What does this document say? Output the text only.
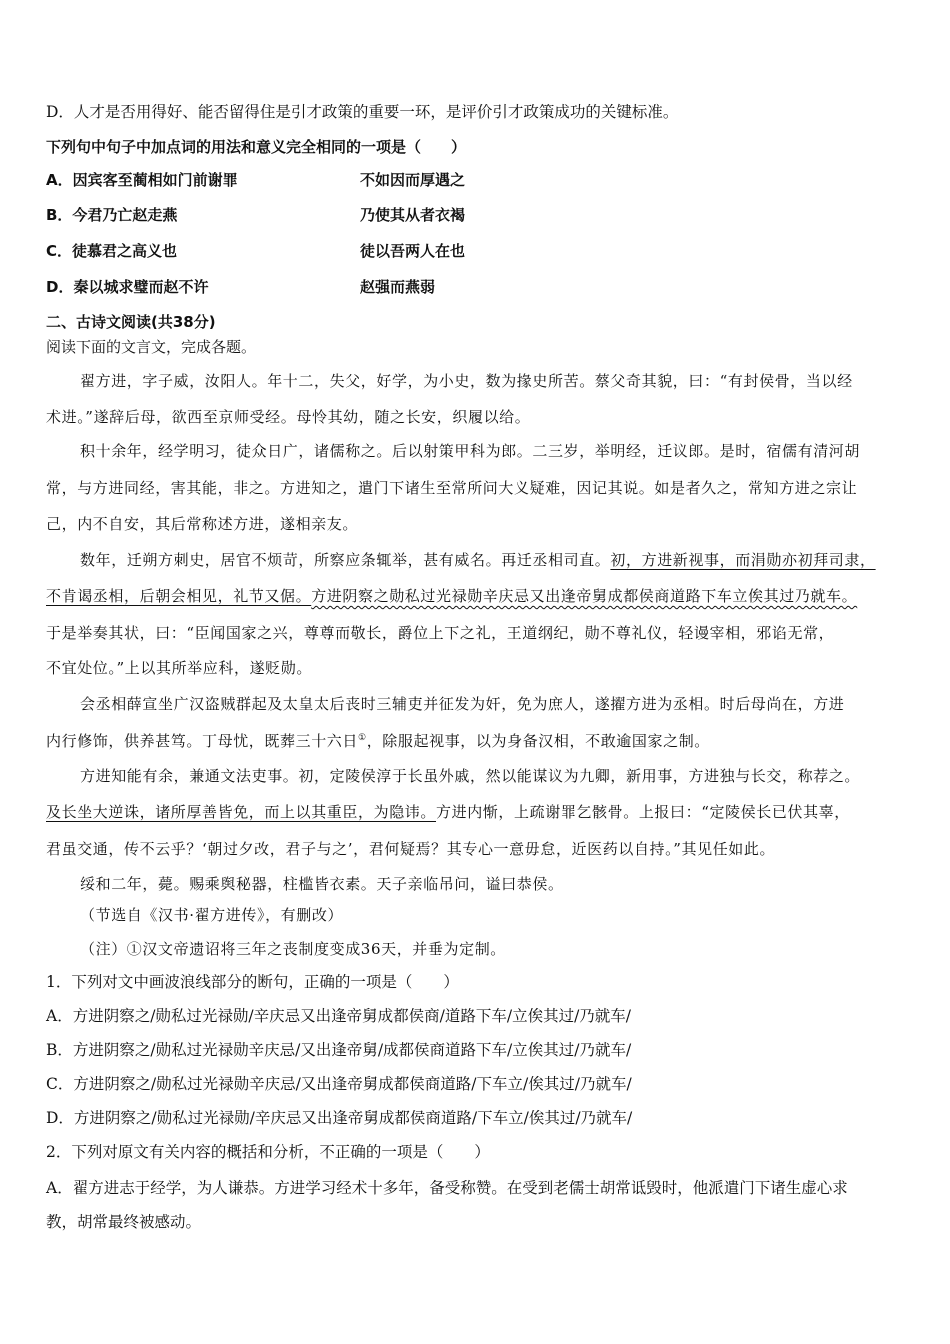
D．人才是否用得好、能否留得住是引才政策的重要一环，是评价引才政策成功的关键标准。
下列句中句子中加点词的用法和意义完全相同的一项是（　　）
A．因宾客至蔺相如门前谢罪	不如因而厚遇之
B．今君乃亡赵走燕	乃使其从者衣褐
C．徒慕君之高义也	徒以吾两人在也
D．秦以城求璧而赵不许	赵强而燕弱
二、古诗文阅读(共38分)
阅读下面的文言文，完成各题。
翟方进，字子威，汝阳人。年十二，失父，好学，为小史，数为掾史所苦。蔡父奇其貌，曰：“有封侯骨，当以经
术进。”遂辞后母，欲西至京师受经。母怜其幼，随之长安，织履以给。
积十余年，经学明习，徒众日广，诸儒称之。后以射策甲科为郎。二三岁，举明经，迁议郎。是时，宿儒有清河胡
常，与方进同经，害其能，非之。方进知之，遣门下诸生至常所问大义疑难，因记其说。如是者久之，常知方进之宗让
己，内不自安，其后常称述方进，遂相亲友。
数年，迁朔方刺史，居官不烦苛，所察应条辄举，甚有威名。再迁丞相司直。初，方进新视事，而涓勋亦初拜司隶，
不肯谒丞相，后朝会相见，礼节又倨。方进阴察之勋私过光禄勋辛庆忌又出逢帝舅成都侯商道路下车立俟其过乃就车。
于是举奏其状，曰：“臣闻国家之兴，尊尊而敬长，爵位上下之礼，王道纲纪，勋不尊礼仪，轻谩宰相，邪谄无常，
不宜处位。”上以其所举应科，遂贬勋。
会丞相薛宣坐广汉盗贼群起及太皇太后丧时三辅吏并征发为奸，免为庶人，遂擢方进为丞相。时后母尚在，方进
内行修饰，供养甚笃。丁母忧，既葬三十六日①，除服起视事，以为身备汉相，不敢逾国家之制。
方进知能有余，兼通文法吏事。初，定陵侯淳于长虽外戚，然以能谋议为九卿，新用事，方进独与长交，称荐之。
及长坐大逆诛，诸所厚善皆免，而上以其重臣，为隐讳。方进内惭，上疏谢罪乞骸骨。上报曰：“定陵侯长已伏其辜，
君虽交通，传不云乎？‘朝过夕改，君子与之’，君何疑焉？其专心一意毋怠，近医药以自持。”其见任如此。
绥和二年，薨。赐乘舆秘器，柱槛皆衣素。天子亲临吊问，谥曰恭侯。
（节选自《汉书·翟方进传》，有删改）
（注）①汉文帝遗诏将三年之丧制度变成36天，并垂为定制。
1．下列对文中画波浪线部分的断句，正确的一项是（　　）
A．方进阴察之/勋私过光禄勋/辛庆忌又出逢帝舅成都侯商/道路下车/立俟其过/乃就车/
B．方进阴察之/勋私过光禄勋辛庆忌/又出逢帝舅/成都侯商道路下车/立俟其过/乃就车/
C．方进阴察之/勋私过光禄勋辛庆忌/又出逢帝舅成都侯商道路/下车立/俟其过/乃就车/
D．方进阴察之/勋私过光禄勋/辛庆忌又出逢帝舅成都侯商道路/下车立/俟其过/乃就车/
2．下列对原文有关内容的概括和分析，不正确的一项是（　　）
A．翟方进志于经学，为人谦恭。方进学习经术十多年，备受称赞。在受到老儒士胡常诋毁时，他派遣门下诸生虚心求
教，胡常最终被感动。
